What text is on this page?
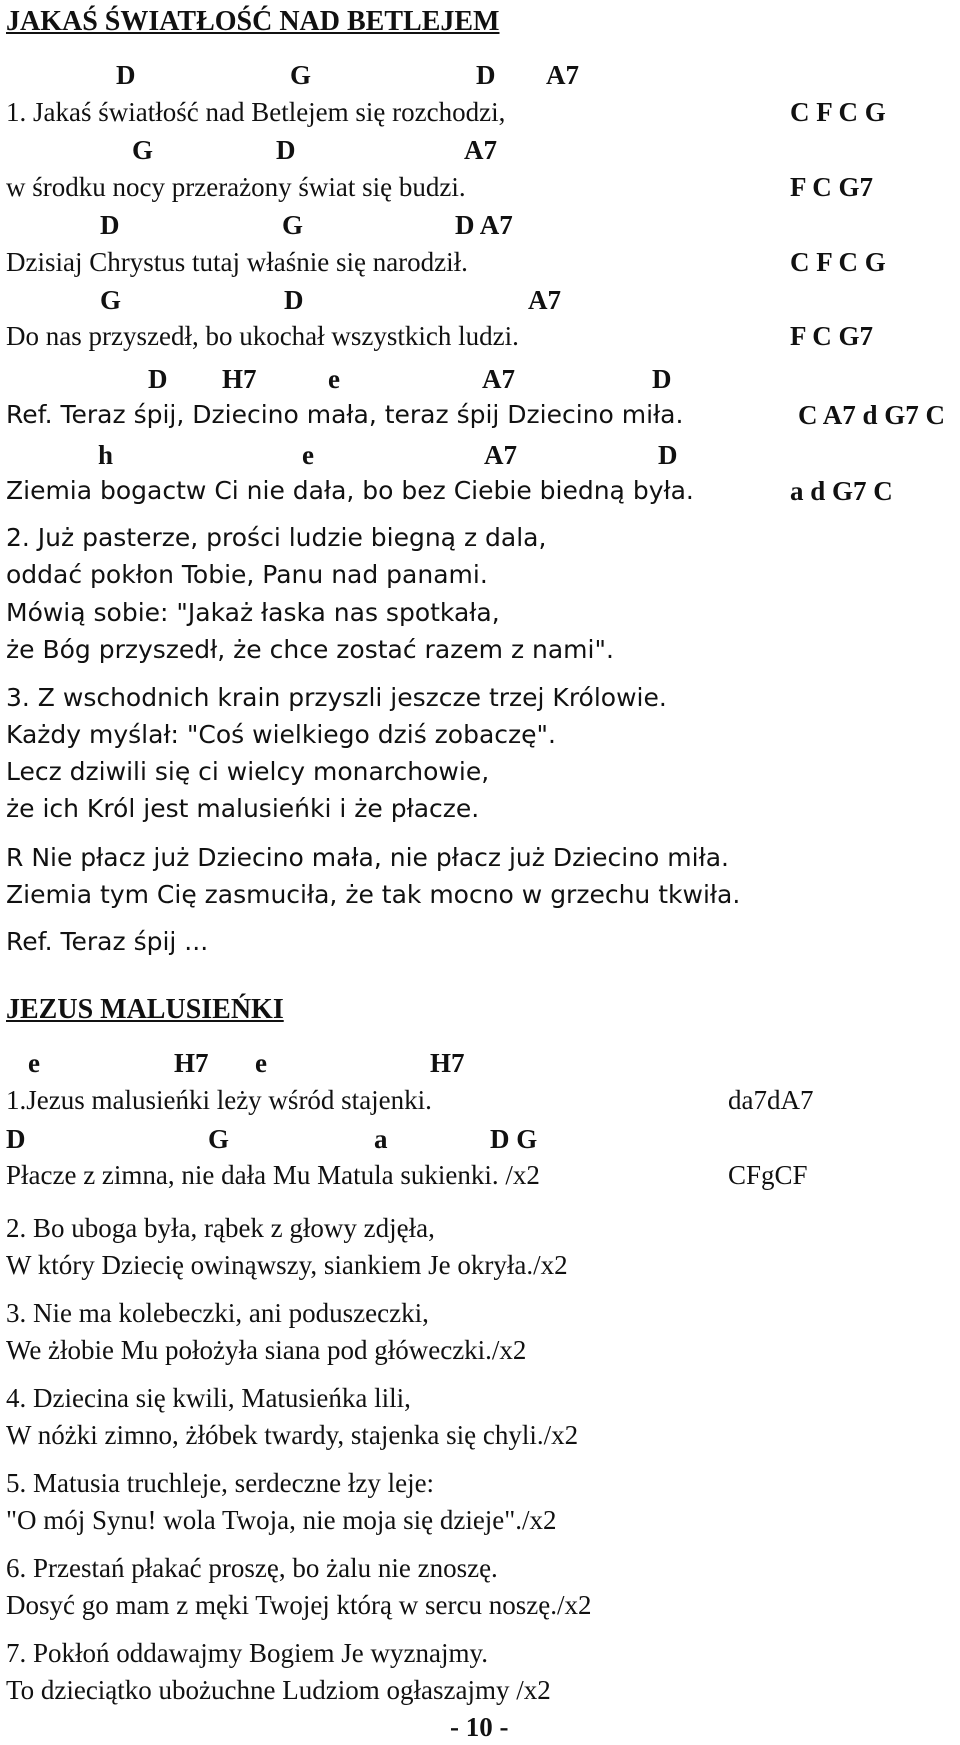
JAKAŚ ŚWIATŁOŚĆ NAD BETLEJEM
D	G	D A7
1. Jakaś światłość nad Betlejem się rozchodzi,	C F C G
G	D	A7
w środku nocy przerażony świat się budzi.	F C G7
D	G	D A7
Dzisiaj Chrystus tutaj właśnie się narodził.	C F C G
G	D	A7
Do nas przyszedł, bo ukochał wszystkich ludzi.	F C G7
D H7	e	A7	D
Ref. Teraz śpij, Dziecino mała, teraz śpij Dziecino miła.	C A7 d G7 C
h	e	A7	D
Ziemia bogactw Ci nie dała, bo bez Ciebie biedną była.	a d G7 C
2. Już pasterze, prości ludzie biegną z dala,
oddać pokłon Tobie, Panu nad panami.
Mówią sobie: "Jakaż łaska nas spotkała,
że Bóg przyszedł, że chce zostać razem z nami".
3. Z wschodnich krain przyszli jeszcze trzej Królowie.
Każdy myślał: "Coś wielkiego dziś zobaczę".
Lecz dziwili się ci wielcy monarchowie,
że ich Król jest malusieńki i że płacze.
R Nie płacz już Dziecino mała, nie płacz już Dziecino miła.
Ziemia tym Cię zasmuciła, że tak mocno w grzechu tkwiła.
Ref. Teraz śpij ...
JEZUS MALUSIEŃKI
e	H7 e	H7
1.Jezus malusieńki leży wśród stajenki.	da7dA7
D	G	a	D G
Płacze z zimna, nie dała Mu Matula sukienki. /x2	CFgCF
2. Bo uboga była, rąbek z głowy zdjęła,
W który Dziecię owinąwszy, siankiem Je okryła./x2
3. Nie ma kolebeczki, ani poduszeczki,
We żłobie Mu położyła siana pod główeczki./x2
4. Dziecina się kwili, Matusieńka lili,
W nóżki zimno, żłóbek twardy, stajenka się chyli./x2
5. Matusia truchleje, serdeczne łzy leje:
"O mój Synu! wola Twoja, nie moja się dzieje"./x2
6. Przestań płakać proszę, bo żalu nie znoszę.
Dosyć go mam z męki Twojej którą w sercu noszę./x2
7. Pokłoń oddawajmy Bogiem Je wyznajmy.
To dzieciątko ubożuchne Ludziom ogłaszajmy /x2
- 10 -
